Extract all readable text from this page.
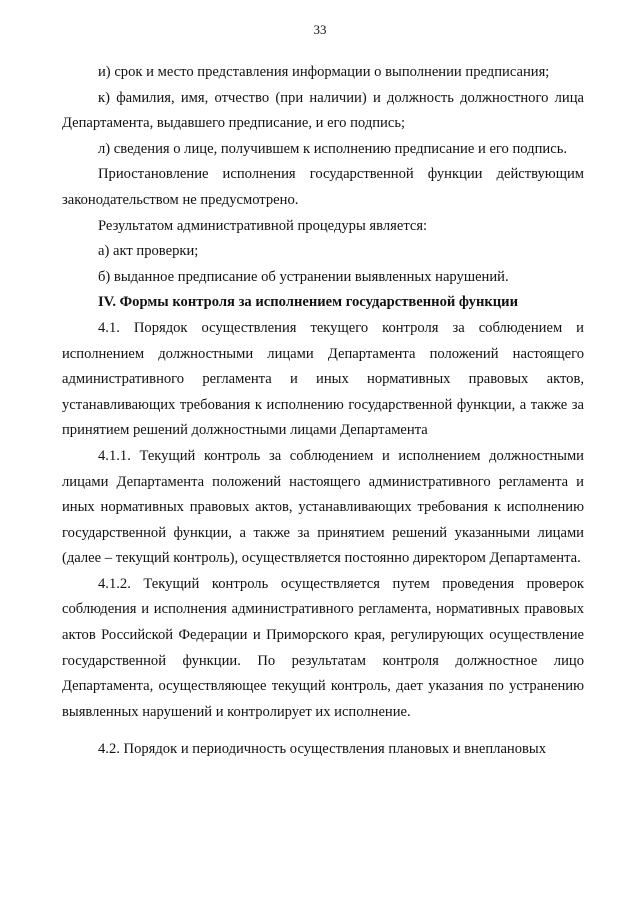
33

и) срок и место представления информации о выполнении предписания;

к) фамилия, имя, отчество (при наличии) и должность должностного лица Департамента, выдавшего предписание, и его подпись;

л) сведения о лице, получившем к исполнению предписание и его подпись.

Приостановление исполнения государственной функции действующим законодательством не предусмотрено.

Результатом административной процедуры является:

а) акт проверки;

б) выданное предписание об устранении выявленных нарушений.

IV. Формы контроля за исполнением государственной функции

4.1. Порядок осуществления текущего контроля за соблюдением и исполнением должностными лицами Департамента положений настоящего административного регламента и иных нормативных правовых актов, устанавливающих требования к исполнению государственной функции, а также за принятием решений должностными лицами Департамента

4.1.1. Текущий контроль за соблюдением и исполнением должностными лицами Департамента положений настоящего административного регламента и иных нормативных правовых актов, устанавливающих требования к исполнению государственной функции, а также за принятием решений указанными лицами (далее – текущий контроль), осуществляется постоянно директором Департамента.

4.1.2. Текущий контроль осуществляется путем проведения проверок соблюдения и исполнения административного регламента, нормативных правовых актов Российской Федерации и Приморского края, регулирующих осуществление государственной функции. По результатам контроля должностное лицо Департамента, осуществляющее текущий контроль, дает указания по устранению выявленных нарушений и контролирует их исполнение.

4.2. Порядок и периодичность осуществления плановых и внеплановых
